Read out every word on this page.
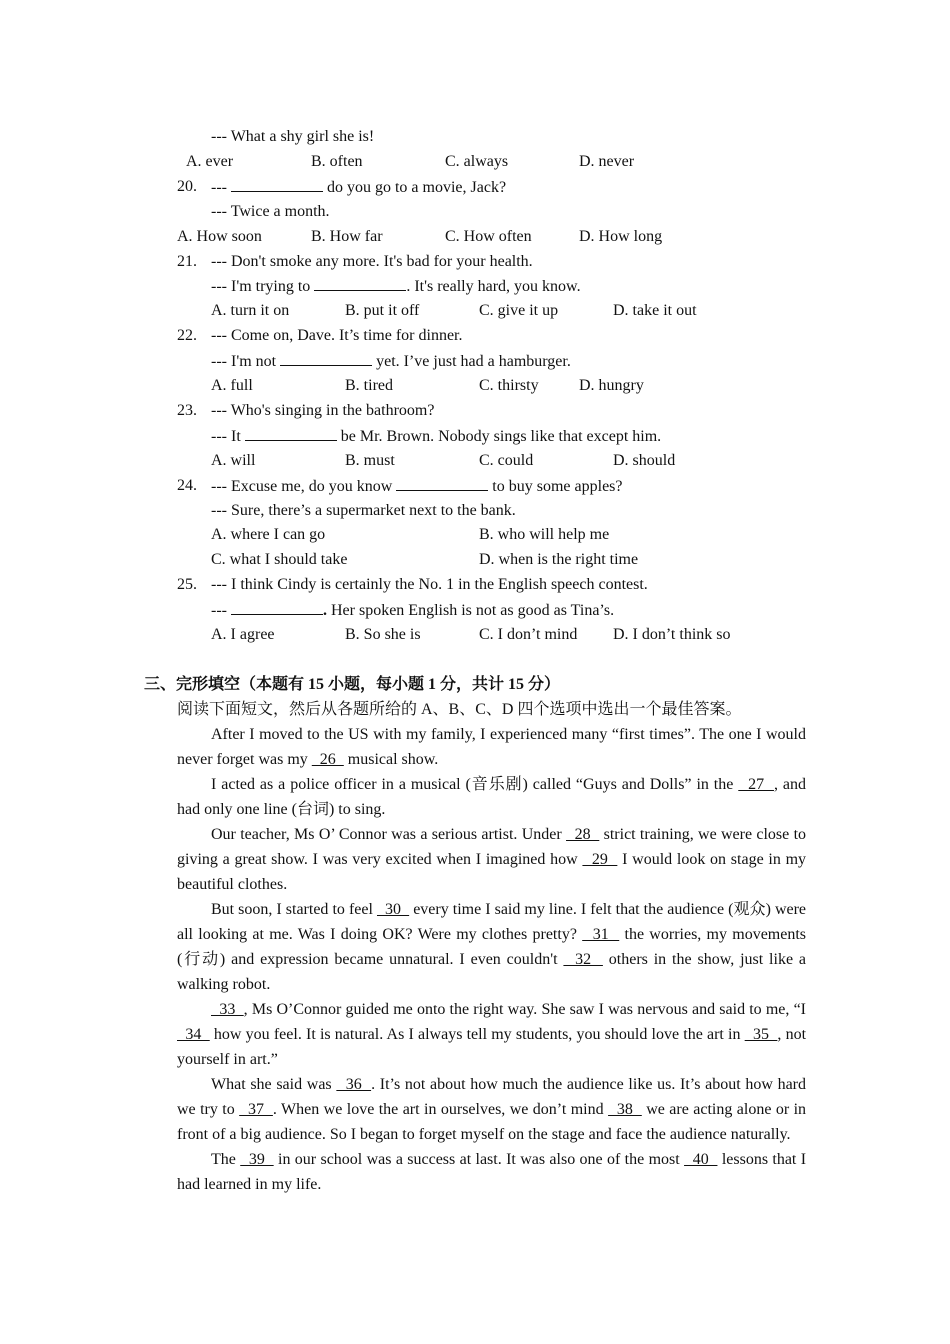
--- What a shy girl she is!
A. ever	B. often	C. always	D. never
20. ---	do you go to a movie, Jack?
--- Twice a month.
A. How soon	B. How far	C. How often	D. How long
21. --- Don't smoke any more. It's bad for your health.
--- I'm trying to	. It's really hard, you know.
A. turn it on	B. put it off	C. give it up	D. take it out
22. --- Come on, Dave. It’s time for dinner.
--- I'm not	yet. I’ve just had a hamburger.
A. full	B. tired	C. thirsty	D. hungry
23. --- Who's singing in the bathroom?
--- It	be Mr. Brown. Nobody sings like that except him.
A. will	B. must	C. could	D. should
24. --- Excuse me, do you know	to buy some apples?
--- Sure, there’s a supermarket next to the bank.
A. where I can go	B. who will help me
C. what I should take	D. when is the right time
25. --- I think Cindy is certainly the No. 1 in the English speech contest.
---	. Her spoken English is not as good as Tina’s.
A. I agree	B. So she is	C. I don’t mind D. I don’t think so
三、完形填空（本题有 15 小题，每小题 1 分，共计 15 分）
阅读下面短文，然后从各题所给的 A、B、C、D 四个选项中选出一个最佳答案。

After I moved to the US with my family, I experienced many “first times”. The one I would never forget was my   26   musical show.

I acted as a police officer in a musical (音乐剧) called “Guys and Dolls” in the   27  , and had only one line (台词) to sing.

Our teacher, Ms O’ Connor was a serious artist. Under   28   strict training, we were close to giving a great show. I was very excited when I imagined how   29   I would look on stage in my beautiful clothes.

But soon, I started to feel   30   every time I said my line. I felt that the audience (观众) were all looking at me. Was I doing OK? Were my clothes pretty?   31   the worries, my movements (行动) and expression became unnatural. I even couldn't   32   others in the show, just like a walking robot.

33  , Ms O’Connor guided me onto the right way. She saw I was nervous and said to me, “I   34   how you feel. It is natural. As I always tell my students, you should love the art in   35  , not yourself in art.”

What she said was   36  . It’s not about how much the audience like us. It’s about how hard we try to   37  . When we love the art in ourselves, we don’t mind   38   we are acting alone or in front of a big audience. So I began to forget myself on the stage and face the audience naturally.

The   39   in our school was a success at last. It was also one of the most   40   lessons that I had learned in my life.
